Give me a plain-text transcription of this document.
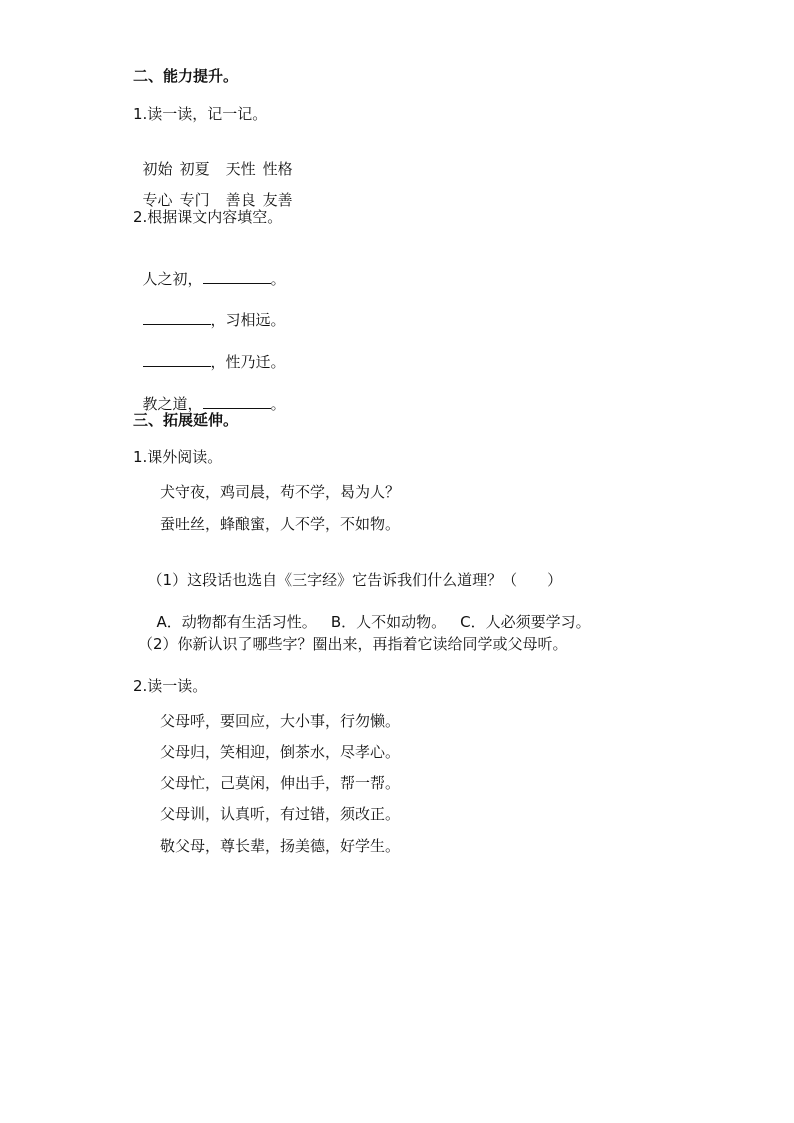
二、能力提升。
1.读一读，记一记。

初始 初夏 天性 性格

专心 专门 善良 友善

2.根据课文内容填空。

人之初，	。

，习相远。

，性乃迁。

教之道，	。

三、拓展延伸。
1.课外阅读。
犬守夜，鸡司晨，苟不学，曷为人？
蚕吐丝，蜂酿蜜，人不学，不如物。

（1）这段话也选自《三字经》它告诉我们什么道理？（ ）

A．动物都有生活习性。 B．人不如动物。 C．人必须要学习。

（2）你新认识了哪些字？圈出来，再指着它读给同学或父母听。
2.读一读。
父母呼，要回应，大小事，行勿懒。
父母归，笑相迎，倒茶水，尽孝心。
父母忙，己莫闲，伸出手，帮一帮。
父母训，认真听，有过错，须改正。
敬父母，尊长辈，扬美德，好学生。
